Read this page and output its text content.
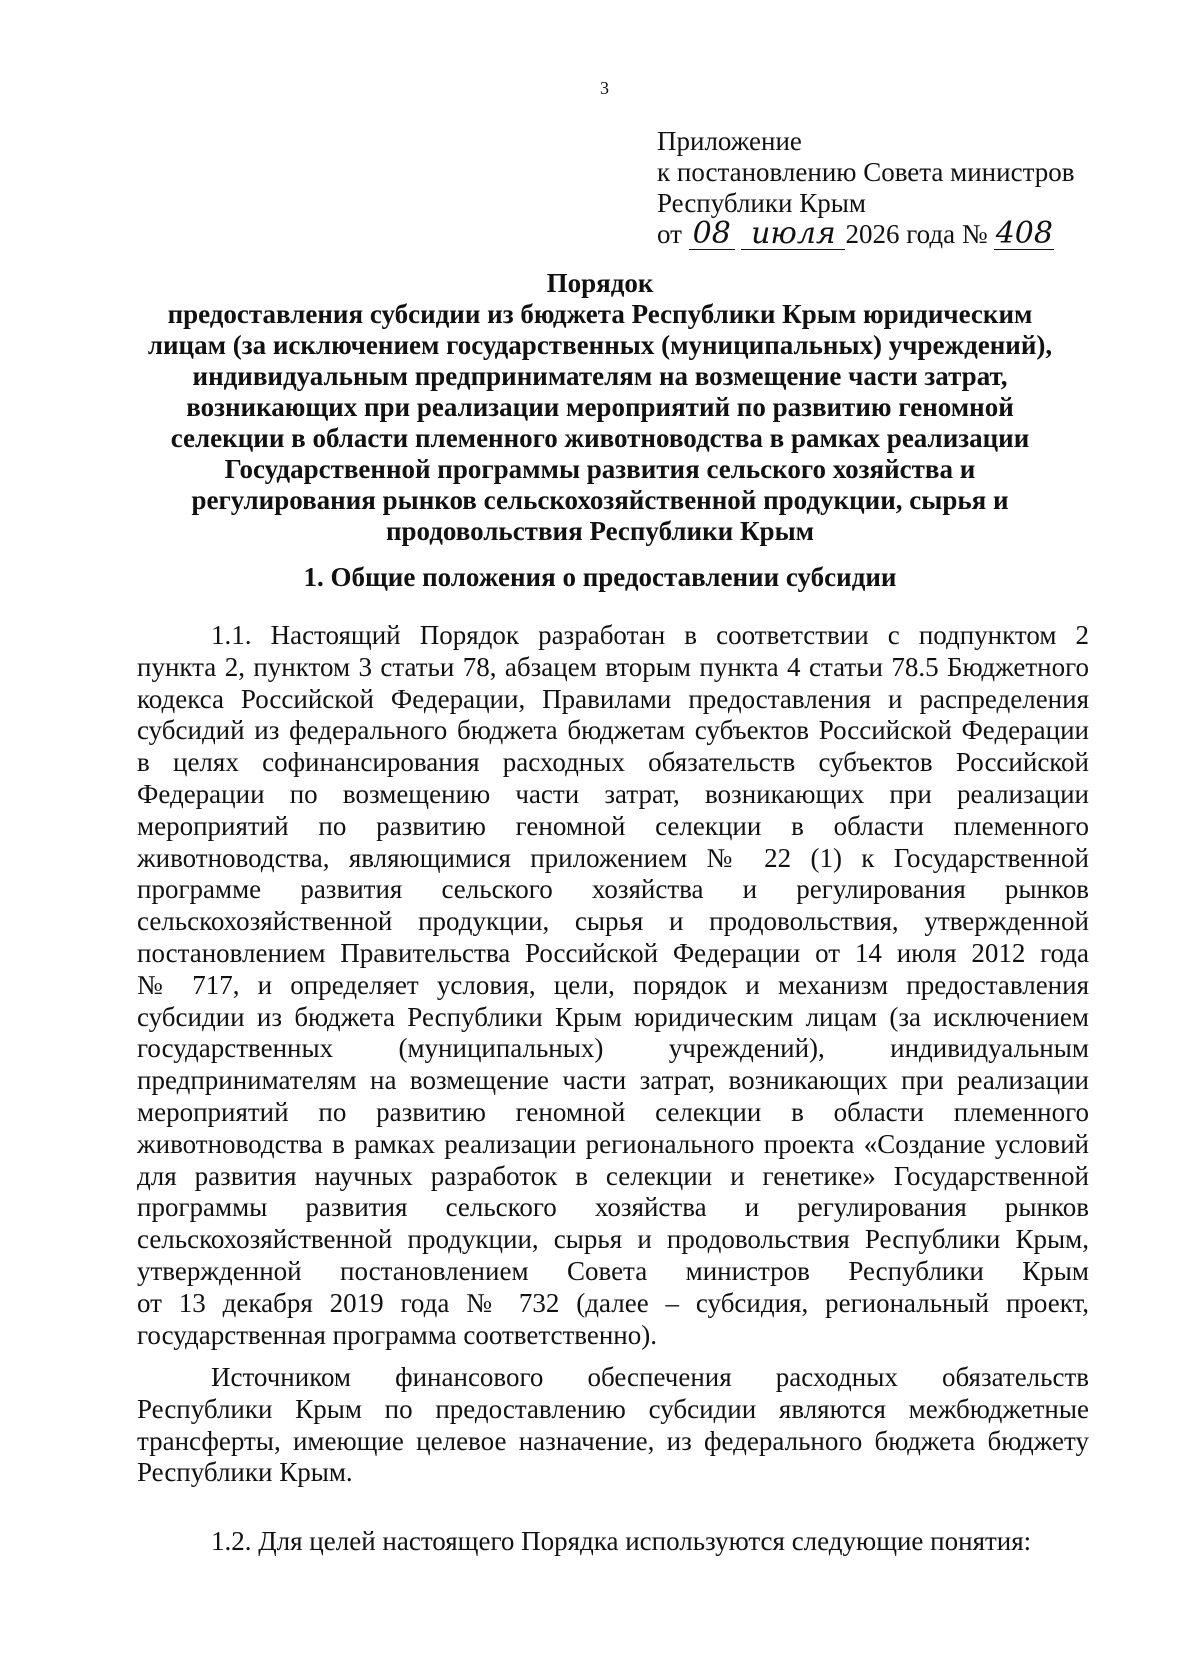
3
Приложение
к постановлению Совета министров
Республики Крым
от 08 июля 2026 года № 408
Порядок
предоставления субсидии из бюджета Республики Крым юридическим
лицам (за исключением государственных (муниципальных) учреждений),
индивидуальным предпринимателям на возмещение части затрат,
возникающих при реализации мероприятий по развитию геномной
селекции в области племенного животноводства в рамках реализации
Государственной программы развития сельского хозяйства и
регулирования рынков сельскохозяйственной продукции, сырья и
продовольствия Республики Крым
1. Общие положения о предоставлении субсидии
1.1. Настоящий Порядок разработан в соответствии с подпунктом 2
пункта 2, пунктом 3 статьи 78, абзацем вторым пункта 4 статьи 78.5 Бюджетного
кодекса Российской Федерации, Правилами предоставления и распределения
субсидий из федерального бюджета бюджетам субъектов Российской Федерации
в целях софинансирования расходных обязательств субъектов Российской
Федерации по возмещению части затрат, возникающих при реализации
мероприятий по развитию геномной селекции в области племенного
животноводства, являющимися приложением № 22 (1) к Государственной
программе развития сельского хозяйства и регулирования рынков
сельскохозяйственной продукции, сырья и продовольствия, утвержденной
постановлением Правительства Российской Федерации от 14 июля 2012 года
№ 717, и определяет условия, цели, порядок и механизм предоставления
субсидии из бюджета Республики Крым юридическим лицам (за исключением
государственных (муниципальных) учреждений), индивидуальным
предпринимателям на возмещение части затрат, возникающих при реализации
мероприятий по развитию геномной селекции в области племенного
животноводства в рамках реализации регионального проекта «Создание условий
для развития научных разработок в селекции и генетике» Государственной
программы развития сельского хозяйства и регулирования рынков
сельскохозяйственной продукции, сырья и продовольствия Республики Крым,
утвержденной постановлением Совета министров Республики Крым
от 13 декабря 2019 года № 732 (далее – субсидия, региональный проект,
государственная программа соответственно).
Источником финансового обеспечения расходных обязательств
Республики Крым по предоставлению субсидии являются межбюджетные
трансферты, имеющие целевое назначение, из федерального бюджета бюджету
Республики Крым.
1.2. Для целей настоящего Порядка используются следующие понятия:
